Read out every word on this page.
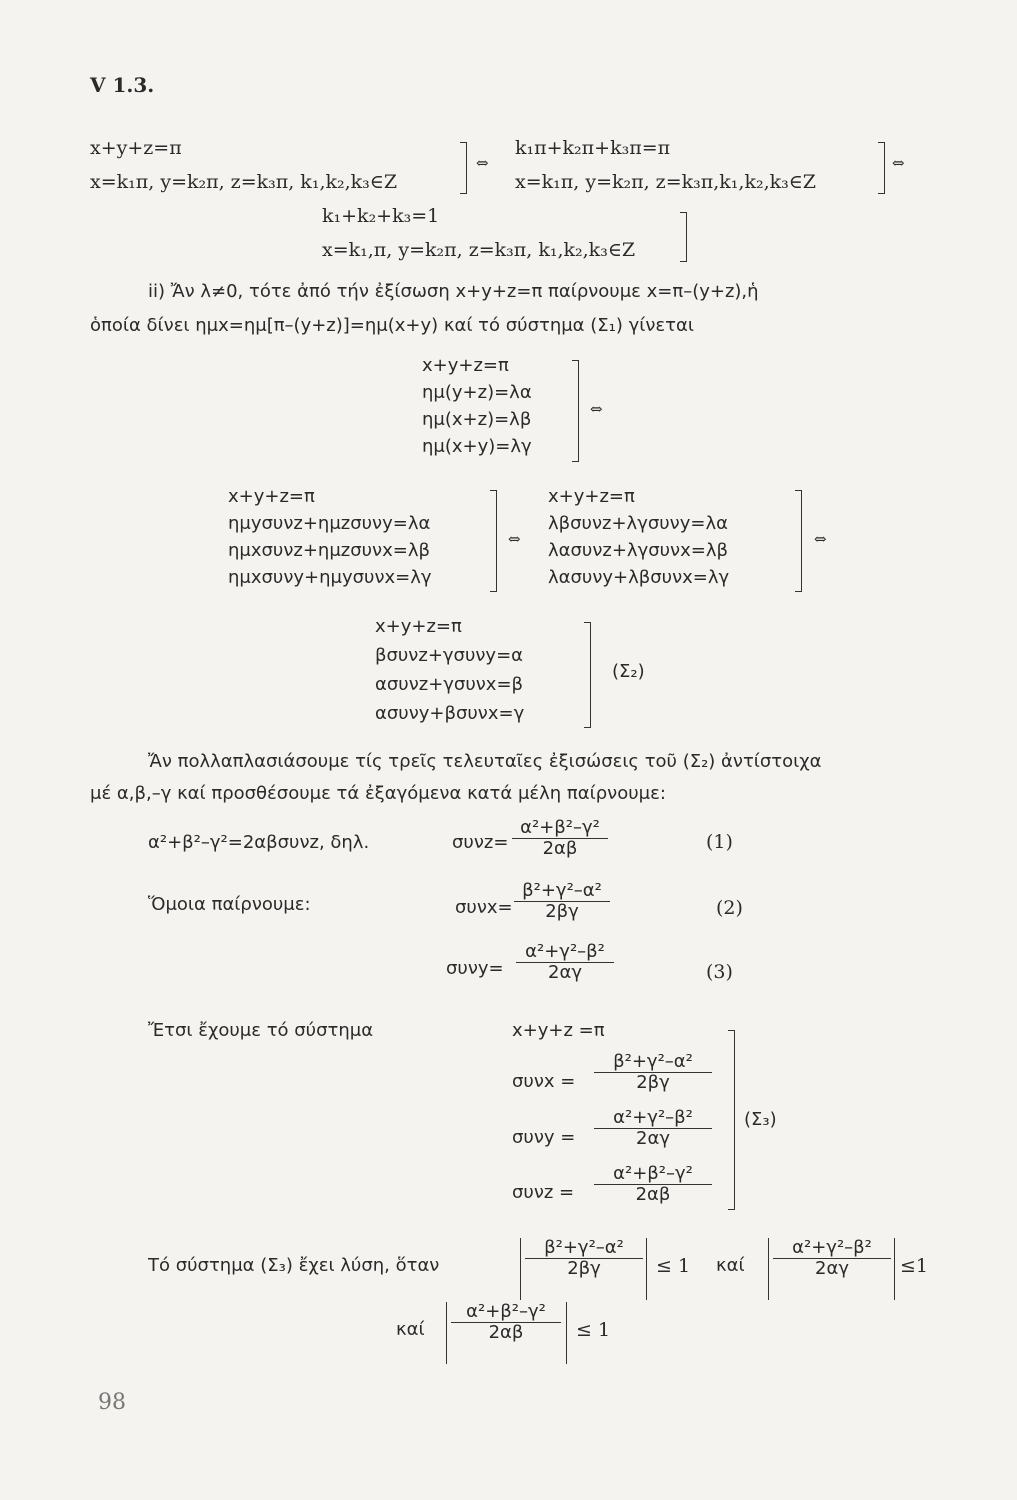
V 1.3.
x+y+z=π
x=k₁π, y=k₂π, z=k₃π, k₁,k₂,k₃∈Z
⇔
k₁π+k₂π+k₃π=π
x=k₁π, y=k₂π, z=k₃π,k₁,k₂,k₃∈Z
⇔
k₁+k₂+k₃=1
x=k₁,π, y=k₂π, z=k₃π, k₁,k₂,k₃∈Z
ii) Ἄν λ≠0, τότε ἀπό τήν ἐξίσωση x+y+z=π παίρνουμε x=π–(y+z),ἡ
ὁποία δίνει ημx=ημ[π–(y+z)]=ημ(x+y) καί τό σύστημα (Σ₁) γίνεται
x+y+z=π
ημ(y+z)=λα
ημ(x+z)=λβ
ημ(x+y)=λγ
⇔
x+y+z=π
ημyσυνz+ημzσυνy=λα
ημxσυνz+ημzσυνx=λβ
ημxσυνy+ημyσυνx=λγ
⇔
x+y+z=π
λβσυνz+λγσυνy=λα
λασυνz+λγσυνx=λβ
λασυνy+λβσυνx=λγ
⇔
x+y+z=π
βσυνz+γσυνy=α
ασυνz+γσυνx=β
ασυνy+βσυνx=γ
(Σ₂)
Ἄν πολλαπλασιάσουμε τίς τρεῖς τελευταῖες ἐξισώσεις τοῦ (Σ₂) ἀντίστοιχα
μέ α,β,–γ καί προσθέσουμε τά ἐξαγόμενα κατά μέλη παίρνουμε:
α²+β²–γ²=2αβσυνz, δηλ.	$\sigma\upsilon\nu z= \frac{\text{α²+β²–γ²}}{2\alpha\beta}$	(1)
Ὅμοια παίρνουμε:	$\sigma\upsilon\nu x= \frac{\text{β²+γ²–α²}}{2\beta\gamma}$	(2)
$\sigma\upsilon\nu y= \frac{\text{α²+γ²–β²}}{2\alpha\gamma}$	(3)
Ἔτσι ἔχουμε τό σύστημα	x+y+z =π
$\sigma\upsilon\nu x = \frac{\text{β²+γ²–α²}}{2\beta\gamma}$
$\sigma\upsilon\nu y = \frac{\text{α²+γ²–β²}}{2\alpha\gamma}$
$\sigma\upsilon\nu z = \frac{\text{α²+β²–γ²}}{2\alpha\beta}$
(Σ₃)
Τό σύστημα (Σ₃) ἔχει λύση, ὅταν	$\frac{\text{β²+γ²–α²}}{2\beta\gamma} \le 1$ καί $\frac{\text{α²+γ²–β²}}{2\alpha\gamma} \le 1$
καί $\frac{\text{α²+β²–γ²}}{2\alpha\beta} \le 1$
98
